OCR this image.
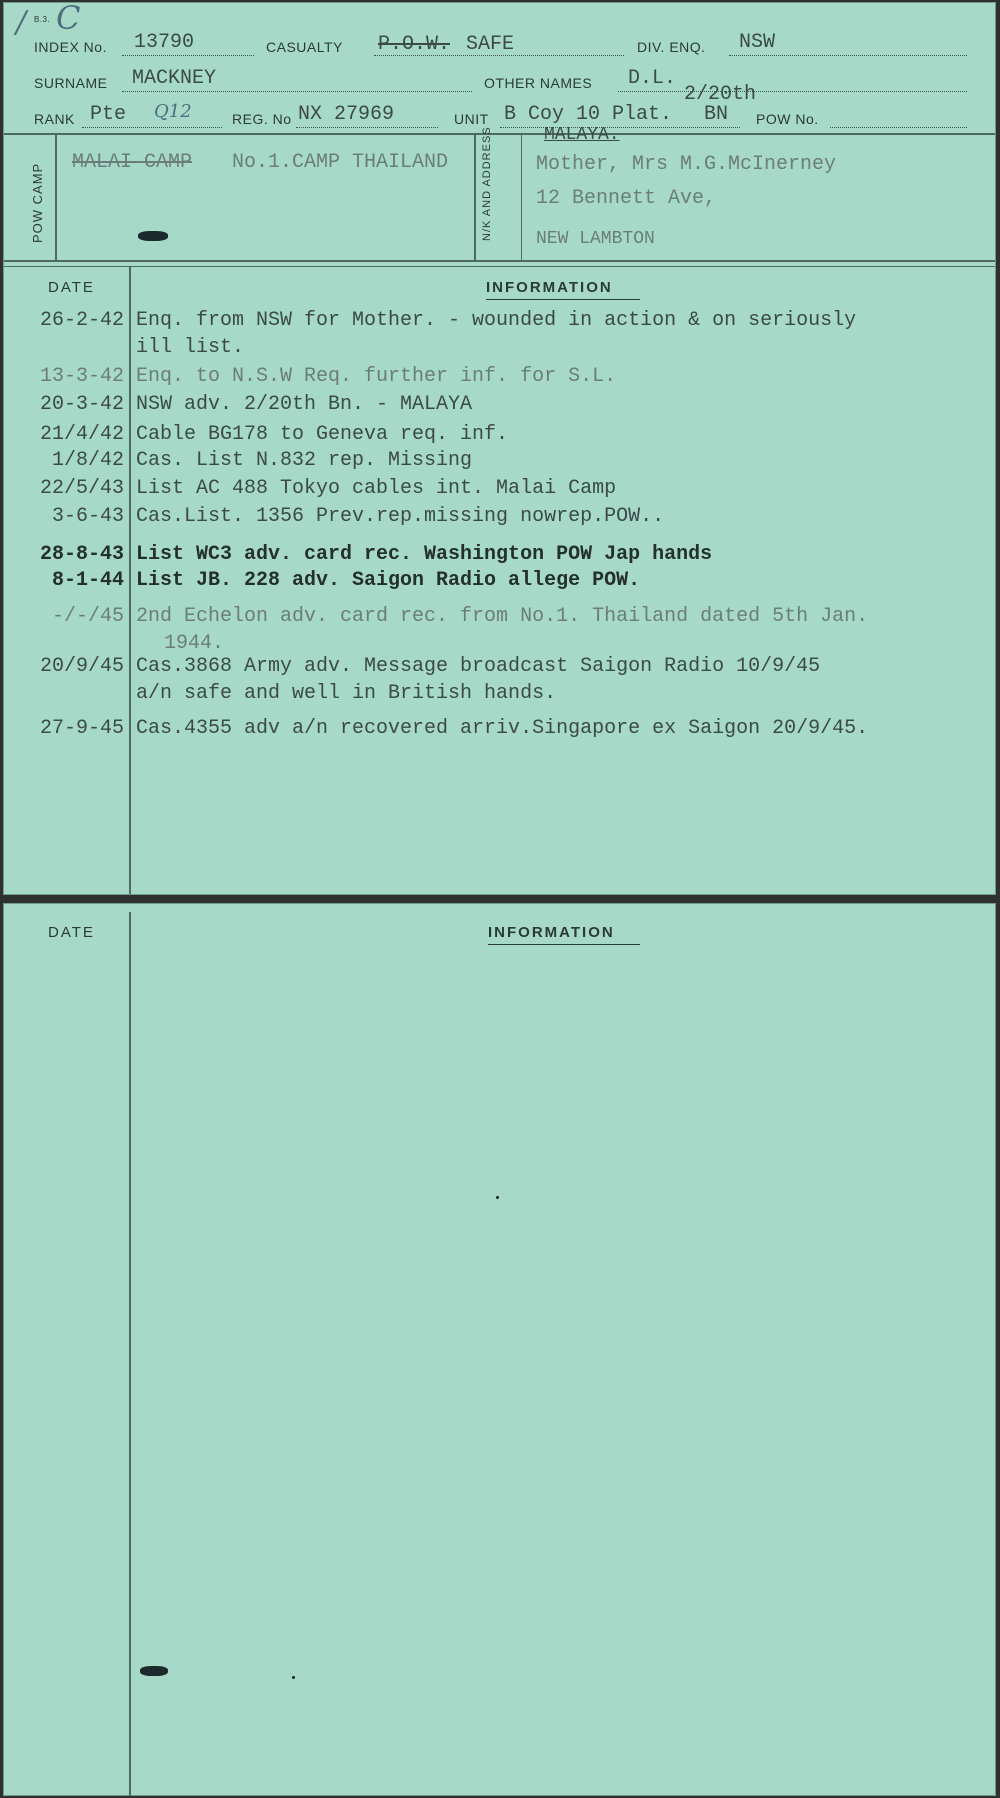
/ B.3. C
INDEX No. 13790	CASUALTY P.O.W. SAFE	DIV. ENQ. NSW
SURNAME MACKNEY	OTHER NAMES D.L.
2/20th
RANK Pte Q12	REG. No NX 27969	UNIT B Coy 10 Plat. BN POW No.
POW CAMP	N/K AND ADDRESS
MALAI CAMP No.1.CAMP THAILAND
MALAYA.
Mother, Mrs M.G.McInerney
12 Bennett Ave,
NEW LAMBTON
DATE	INFORMATION
26-2-42 Enq. from NSW for Mother. - wounded in action & on seriously
ill list.
13-3-42 Enq. to N.S.W Req. further inf. for S.L.
20-3-42 NSW adv. 2/20th Bn. - MALAYA
21/4/42 Cable BG178 to Geneva req. inf.
1/8/42 Cas. List N.832 rep. Missing
22/5/43 List AC 488 Tokyo cables int. Malai Camp
3-6-43 Cas.List. 1356 Prev.rep.missing nowrep.POW..
28-8-43 List WC3 adv. card rec. Washington POW Jap hands
8-1-44 List JB. 228 adv. Saigon Radio allege POW.
-/-/45 2nd Echelon adv. card rec. from No.1. Thailand dated 5th Jan.
1944.
20/9/45 Cas.3868 Army adv. Message broadcast Saigon Radio 10/9/45
a/n safe and well in British hands.
27-9-45 Cas.4355 adv a/n recovered arriv.Singapore ex Saigon 20/9/45.
DATE	INFORMATION
